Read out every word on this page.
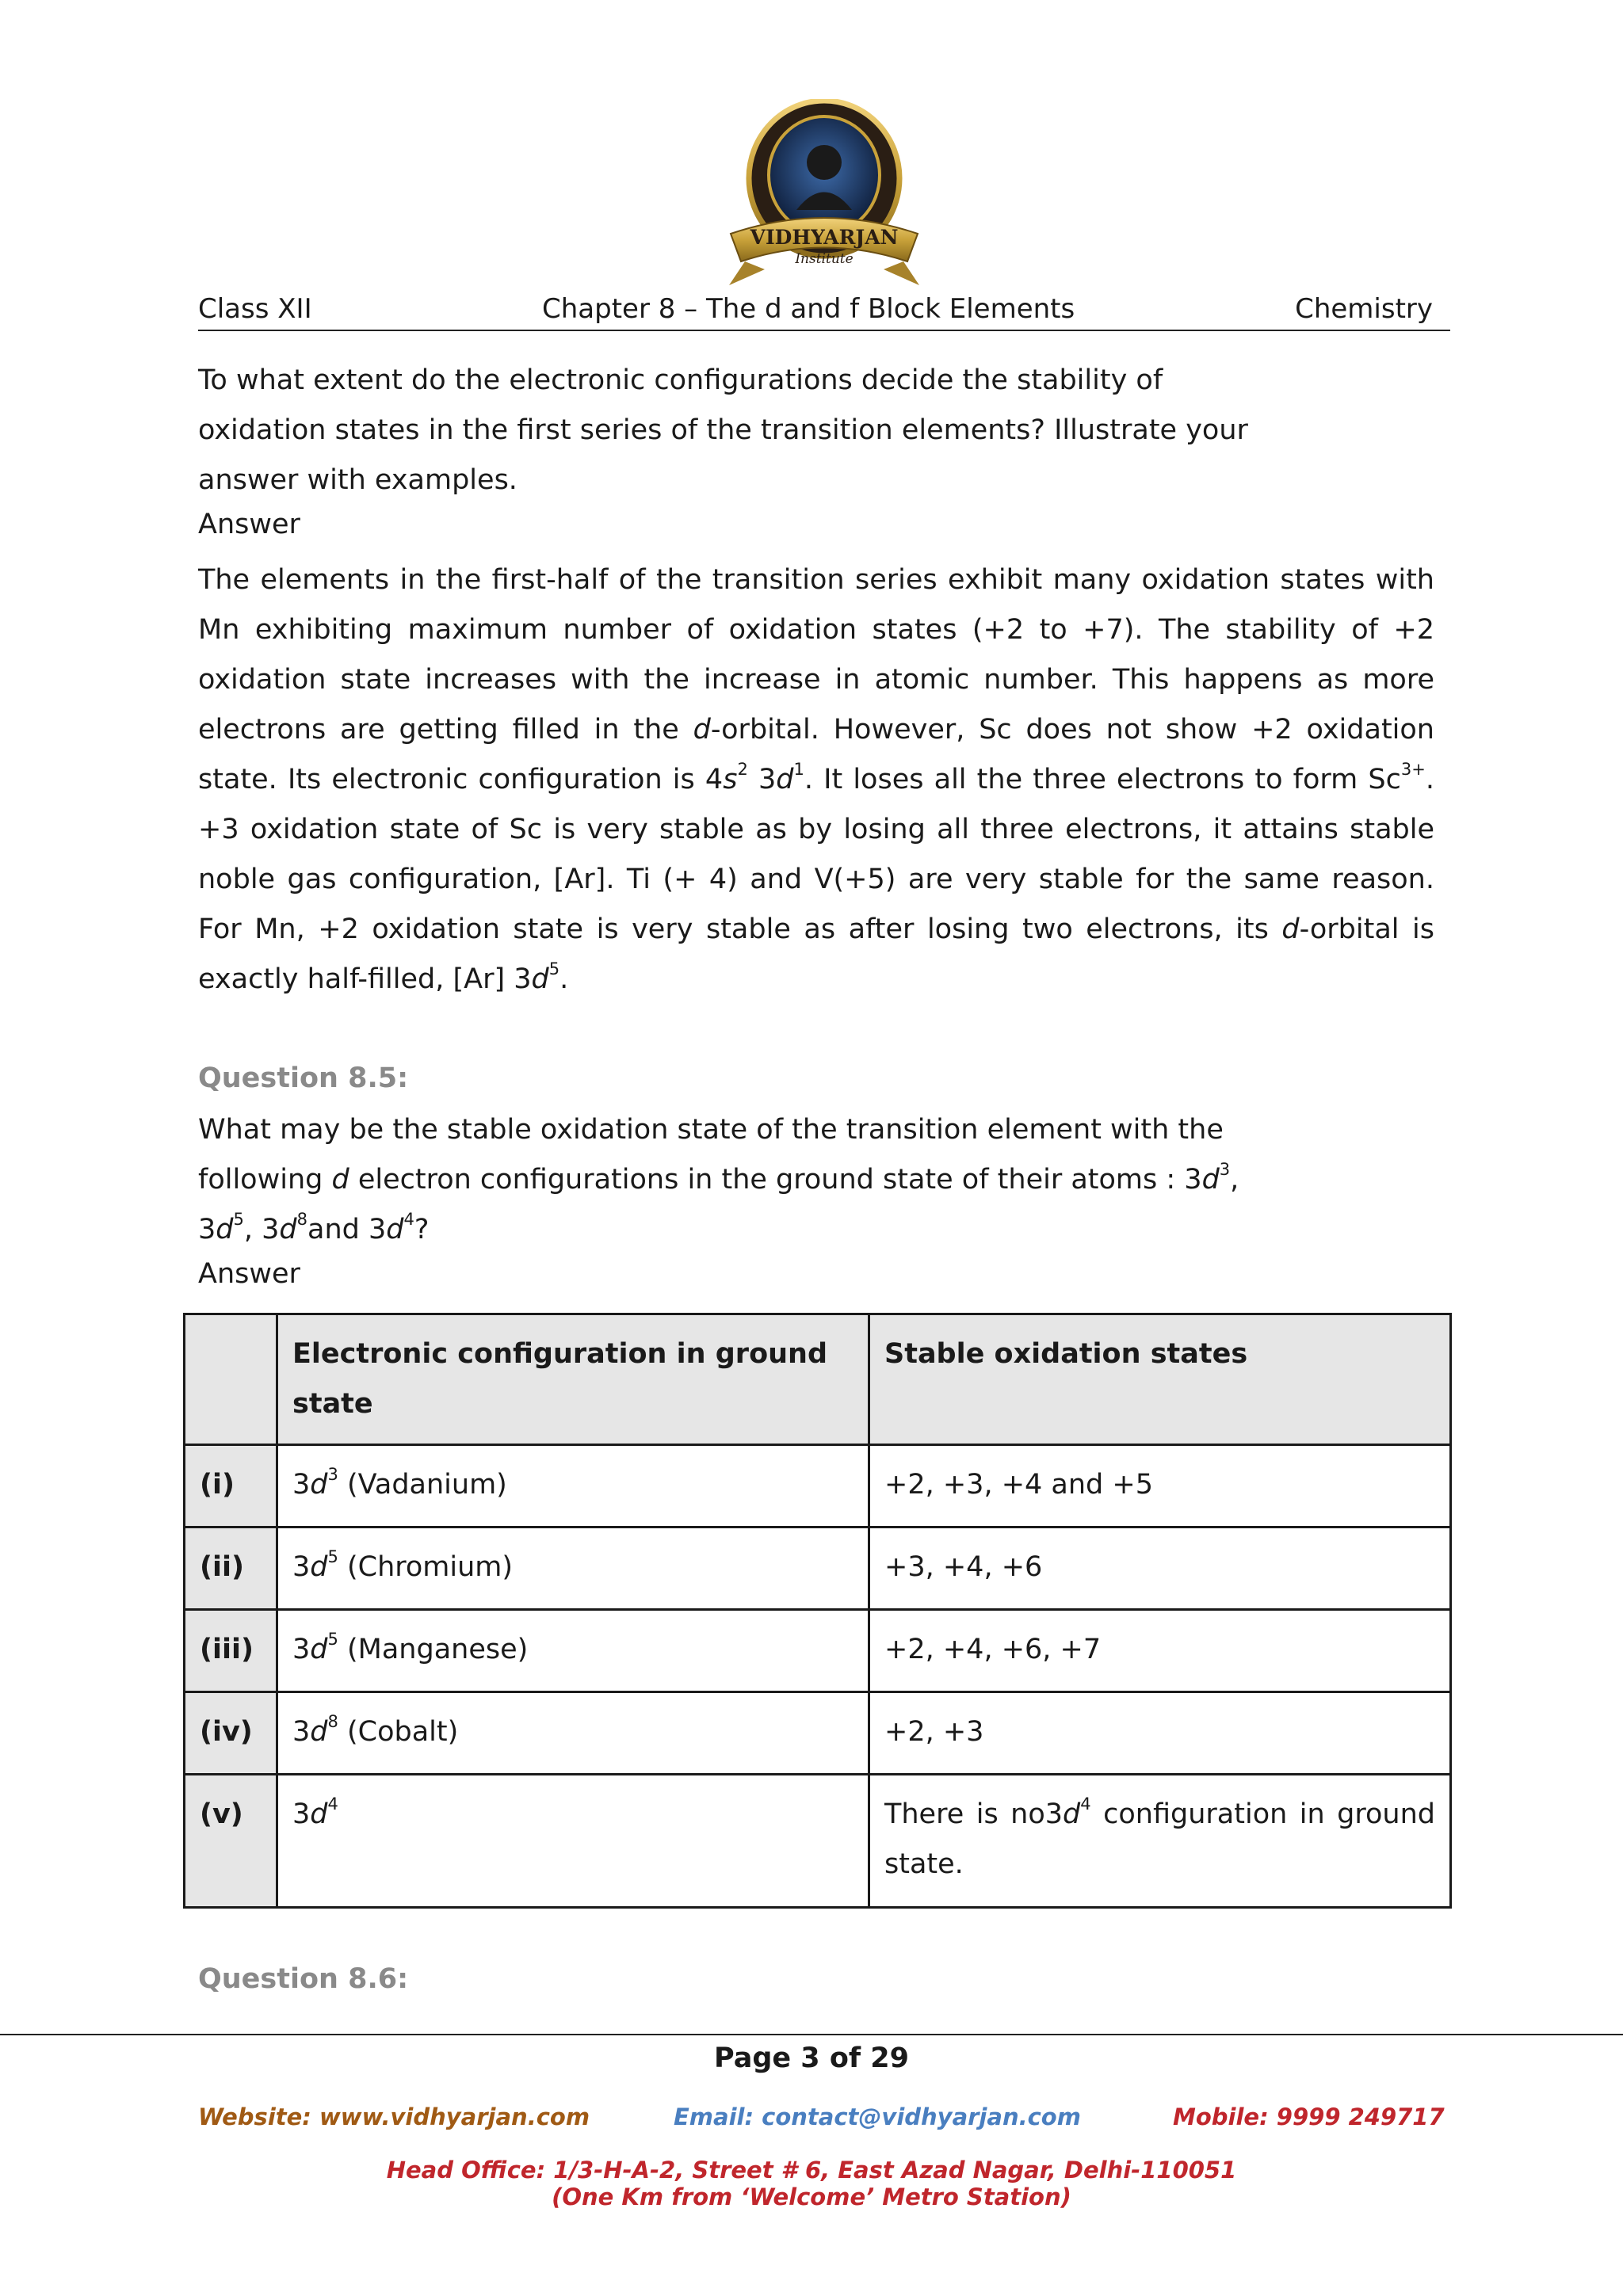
VIDHYARJAN
Institute
Class XII	Chapter 8 – The d and f Block Elements	Chemistry
To what extent do the electronic configurations decide the stability of oxidation states in the first series of the transition elements? Illustrate your answer with examples.
Answer
The elements in the first-half of the transition series exhibit many oxidation states with Mn exhibiting maximum number of oxidation states (+2 to +7). The stability of +2 oxidation state increases with the increase in atomic number. This happens as more electrons are getting filled in the d-orbital. However, Sc does not show +2 oxidation state. Its electronic configuration is $4s^2$ $3d^1$. It loses all the three electrons to form $Sc^{3+}$. +3 oxidation state of Sc is very stable as by losing all three electrons, it attains stable noble gas configuration, [Ar]. Ti (+ 4) and V(+5) are very stable for the same reason. For Mn, +2 oxidation state is very stable as after losing two electrons, its d-orbital is exactly half-filled, [Ar] $3d^5$.
Question 8.5:
What may be the stable oxidation state of the transition element with the following d electron configurations in the ground state of their atoms : $3d^3$, $3d^5$, $3d^8and$ $3d^4$?
Answer
	Electronic configuration in ground state	Stable oxidation states
(i)	$3d^3$ (Vadanium)	+2, +3, +4 and +5
(ii)	$3d^5$ (Chromium)	+3, +4, +6
(iii)	$3d^5$ (Manganese)	+2, +4, +6, +7
(iv)	$3d^8$ (Cobalt)	+2, +3
(v)	$3d^4$	There is $no3d^4$ configuration in ground state.
Question 8.6:
Page 3 of 29
Website: www.vidhyarjan.com	Email: contact@vidhyarjan.com	Mobile: 9999 249717
Head Office: 1/3-H-A-2, Street # 6, East Azad Nagar, Delhi-110051
(One Km from ‘Welcome’ Metro Station)
